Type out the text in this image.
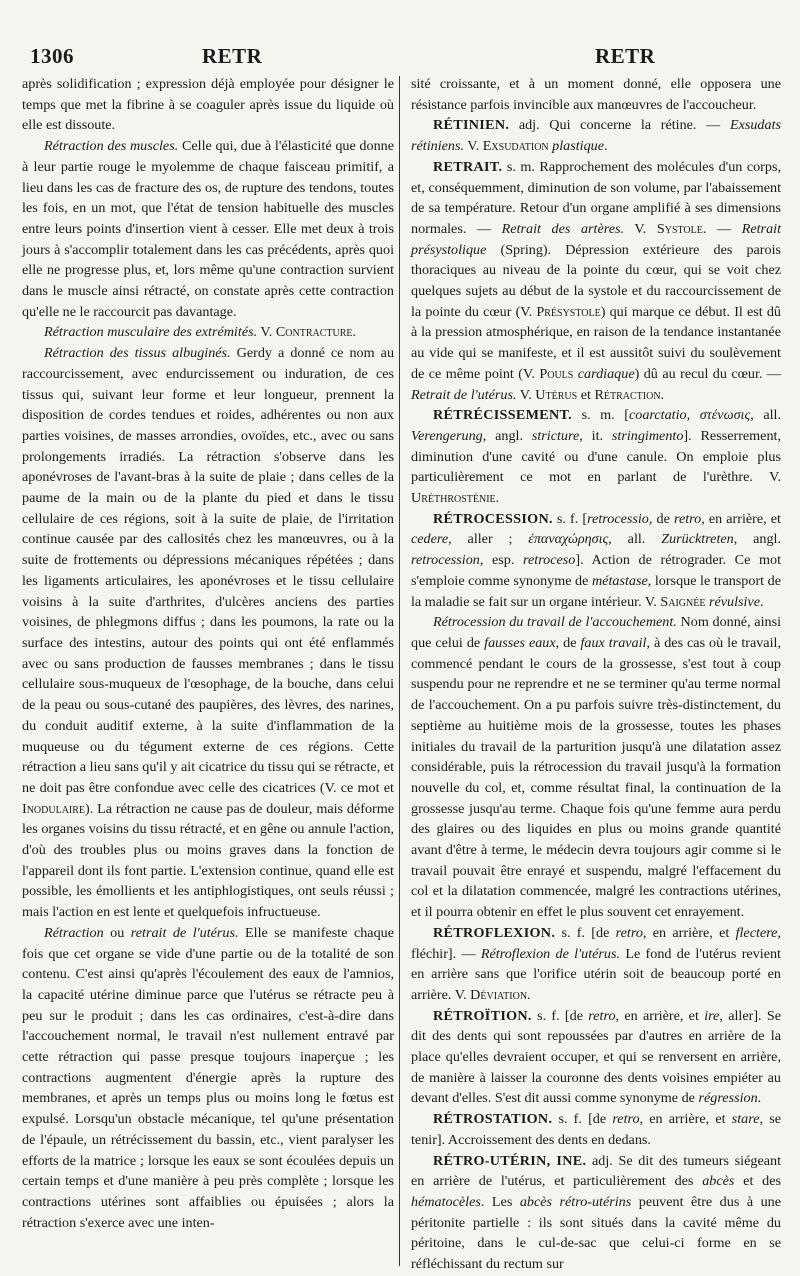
1306	RETR	RETR

après solidification ; expression déjà employée pour désigner le temps que met la fibrine à se coaguler après issue du liquide où elle est dissoute.

Rétraction des muscles. Celle qui, due à l'élasticité que donne à leur partie rouge le myolemme de chaque faisceau primitif, a lieu dans les cas de fracture des os, de rupture des tendons, toutes les fois, en un mot, que l'état de tension habituelle des muscles entre leurs points d'insertion vient à cesser. Elle met deux à trois jours à s'accomplir totalement dans les cas précédents, après quoi elle ne progresse plus, et, lors même qu'une contraction survient dans le muscle ainsi rétracté, on constate après cette contraction qu'elle ne le raccourcit pas davantage.

Rétraction musculaire des extrémités. V. Contracture.

Rétraction des tissus albuginés. Gerdy a donné ce nom au raccourcissement, avec endurcissement ou induration, de ces tissus qui, suivant leur forme et leur longueur, prennent la disposition de cordes tendues et roides, adhérentes ou non aux parties voisines, de masses arrondies, ovoïdes, etc., avec ou sans prolongements irradiés. La rétraction s'observe dans les aponévroses de l'avant-bras à la suite de plaie ; dans celles de la paume de la main ou de la plante du pied et dans le tissu cellulaire de ces régions, soit à la suite de plaie, de l'irritation continue causée par des callosités chez les manœuvres, ou à la suite de frottements ou dépressions mécaniques répétées ; dans les ligaments articulaires, les aponévroses et le tissu cellulaire voisins à la suite d'arthrites, d'ulcères anciens des parties voisines, de phlegmons diffus ; dans les poumons, la rate ou la surface des intestins, autour des points qui ont été enflammés avec ou sans production de fausses membranes ; dans le tissu cellulaire sous-muqueux de l'œsophage, de la bouche, dans celui de la peau ou sous-cutané des paupières, des lèvres, des narines, du conduit auditif externe, à la suite d'inflammation de la muqueuse ou du tégument externe de ces régions. Cette rétraction a lieu sans qu'il y ait cicatrice du tissu qui se rétracte, et ne doit pas être confondue avec celle des cicatrices (V. ce mot et Inodulaire). La rétraction ne cause pas de douleur, mais déforme les organes voisins du tissu rétracté, et en gêne ou annule l'action, d'où des troubles plus ou moins graves dans la fonction de l'appareil dont ils font partie. L'extension continue, quand elle est possible, les émollients et les antiphlogistiques, ont seuls réussi ; mais l'action en est lente et quelquefois infructueuse.

Rétraction ou retrait de l'utérus. Elle se manifeste chaque fois que cet organe se vide d'une partie ou de la totalité de son contenu. C'est ainsi qu'après l'écoulement des eaux de l'amnios, la capacité utérine diminue parce que l'utérus se rétracte peu à peu sur le produit ; dans les cas ordinaires, c'est-à-dire dans l'accouchement normal, le travail n'est nullement entravé par cette rétraction qui passe presque toujours inaperçue ; les contractions augmentent d'énergie après la rupture des membranes, et après un temps plus ou moins long le fœtus est expulsé. Lorsqu'un obstacle mécanique, tel qu'une présentation de l'épaule, un rétrécissement du bassin, etc., vient paralyser les efforts de la matrice ; lorsque les eaux se sont écoulées depuis un certain temps et d'une manière à peu près complète ; lorsque les contractions utérines sont affaiblies ou épuisées ; alors la rétraction s'exerce avec une inten-

sité croissante, et à un moment donné, elle opposera une résistance parfois invincible aux manœuvres de l'accoucheur.

RÉTINIEN. adj. Qui concerne la rétine. — Exsudats rétiniens. V. Exsudation plastique.

RETRAIT. s. m. Rapprochement des molécules d'un corps, et, conséquemment, diminution de son volume, par l'abaissement de sa température. Retour d'un organe amplifié à ses dimensions normales. — Retrait des artères. V. Systole. — Retrait présystolique (Spring). Dépression extérieure des parois thoraciques au niveau de la pointe du cœur, qui se voit chez quelques sujets au début de la systole et du raccourcissement de la pointe du cœur (V. Présystole) qui marque ce début. Il est dû à la pression atmosphérique, en raison de la tendance instantanée au vide qui se manifeste, et il est aussitôt suivi du soulèvement de ce même point (V. Pouls cardiaque) dû au recul du cœur. — Retrait de l'utérus. V. Utérus et Rétraction.

RÉTRÉCISSEMENT. s. m. [coarctatio, στένωσις, all. Verengerung, angl. stricture, it. stringimento]. Resserrement, diminution d'une cavité ou d'une canule. On emploie plus particulièrement ce mot en parlant de l'urèthre. V. Uréthrosténie.

RÉTROCESSION. s. f. [retrocessio, de retro, en arrière, et cedere, aller ; ἐπαναχώρησις, all. Zurücktreten, angl. retrocession, esp. retroceso]. Action de rétrograder. Ce mot s'emploie comme synonyme de métastase, lorsque le transport de la maladie se fait sur un organe intérieur. V. Saignée révulsive.

Rétrocession du travail de l'accouchement. Nom donné, ainsi que celui de fausses eaux, de faux travail, à des cas où le travail, commencé pendant le cours de la grossesse, s'est tout à coup suspendu pour ne reprendre et ne se terminer qu'au terme normal de l'accouchement. On a pu parfois suivre très-distinctement, du septième au huitième mois de la grossesse, toutes les phases initiales du travail de la parturition jusqu'à une dilatation assez considérable, puis la rétrocession du travail jusqu'à la formation nouvelle du col, et, comme résultat final, la continuation de la grossesse jusqu'au terme. Chaque fois qu'une femme aura perdu des glaires ou des liquides en plus ou moins grande quantité avant d'être à terme, le médecin devra toujours agir comme si le travail pouvait être enrayé et suspendu, malgré l'effacement du col et la dilatation commencée, malgré les contractions utérines, et il pourra obtenir en effet le plus souvent cet enrayement.

RÉTROFLEXION. s. f. [de retro, en arrière, et flectere, fléchir]. — Rétroflexion de l'utérus. Le fond de l'utérus revient en arrière sans que l'orifice utérin soit de beaucoup porté en arrière. V. Déviation.

RÉTROÏTION. s. f. [de retro, en arrière, et ire, aller]. Se dit des dents qui sont repoussées par d'autres en arrière de la place qu'elles devraient occuper, et qui se renversent en arrière, de manière à laisser la couronne des dents voisines empiéter au devant d'elles. S'est dit aussi comme synonyme de régression.

RÉTROSTATION. s. f. [de retro, en arrière, et stare, se tenir]. Accroissement des dents en dedans.

RÉTRO-UTÉRIN, INE. adj. Se dit des tumeurs siégeant en arrière de l'utérus, et particulièrement des abcès et des hématocèles. Les abcès rétro-utérins peuvent être dus à une péritonite partielle : ils sont situés dans la cavité même du péritoine, dans le cul-de-sac que celui-ci forme en se réfléchissant du rectum sur
